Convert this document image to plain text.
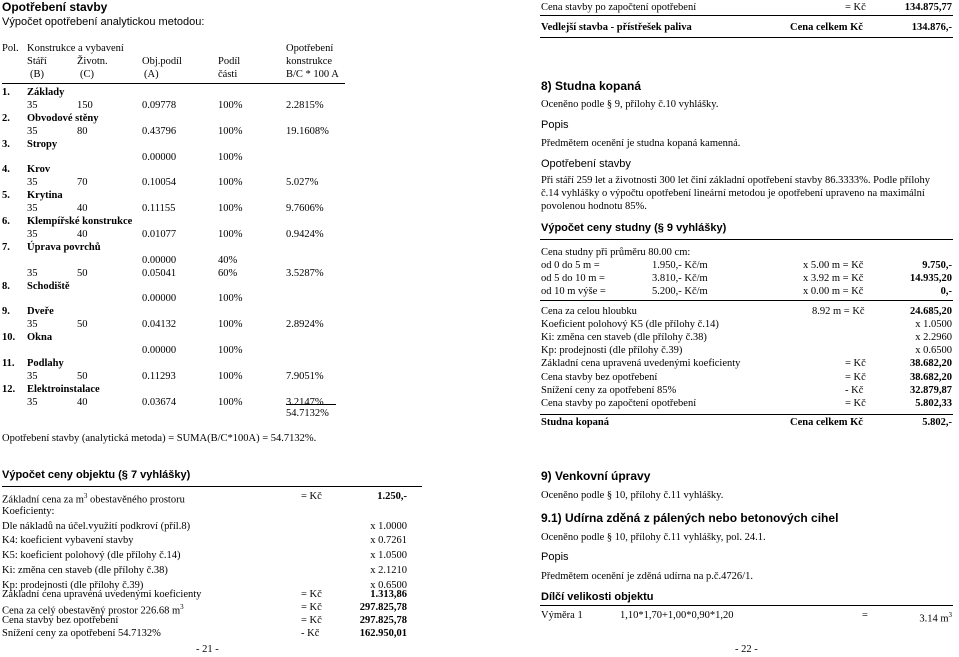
Opotřebení stavby
Výpočet opotřebení analytickou metodou:
Pol. Konstrukce a vybavení	Opotřebení
Stáří	Životn.	Obj.podíl	Podíl	konstrukce
(B)	(C)	(A)	části	B/C * 100 A
1. Základy
35	150	0.09778	100%	2.2815%
2. Obvodové stěny
35	80	0.43796	100%	19.1608%
3. Stropy
0.00000	100%
4. Krov
35	70	0.10054	100%	5.027%
5. Krytina
35	40	0.11155	100%	9.7606%
6. Klempířské konstrukce
35	40	0.01077	100%	0.9424%
7. Úprava povrchů
0.00000	40%
35	50	0.05041	60%	3.5287%
8. Schodiště
0.00000	100%
9. Dveře
35	50	0.04132	100%	2.8924%
10. Okna
0.00000	100%
11. Podlahy
35	50	0.11293	100%	7.9051%
12. Elektroinstalace
35	40	0.03674	100%	3.2147%
54.7132%
Opotřebení stavby (analytická metoda) = SUMA(B/C*100A) = 54.7132%.
Výpočet ceny objektu (§ 7 vyhlášky)
Základní cena za $m^3$ obestavěného prostoru	= Kč	1.250,-
Koeficienty:
Dle nákladů na účel.využití podkroví (příl.8)	x 1.0000
K4: koeficient vybavení stavby	x 0.7261
K5: koeficient polohový (dle přílohy č.14)	x 1.0500
Ki: změna cen staveb (dle přílohy č.38)	x 2.1210
Kp: prodejnosti (dle přílohy č.39)	x 0.6500
Základní cena upravená uvedenými koeficienty	= Kč	1.313,86
Cena za celý obestavěný prostor 226.68 $m^3$	= Kč	297.825,78
Cena stavby bez opotřebení	= Kč	297.825,78
Snížení ceny za opotřebení 54.7132%	- Kč	162.950,01
- 21 -
Cena stavby po započtení opotřebení	= Kč	134.875,77
Vedlejší stavba - přístřešek paliva	Cena celkem Kč	134.876,-
8) Studna kopaná
Oceněno podle § 9, přílohy č.10 vyhlášky.
Popis
Předmětem ocenění je studna kopaná kamenná.
Opotřebení stavby
Při stáří 259 let a životnosti 300 let činí základní opotřebení stavby 86.3333%. Podle přílohy
č.14 vyhlášky o výpočtu opotřebení lineární metodou je opotřebení upraveno na maximální
povolenou hodnotu 85%.
Výpočet ceny studny (§ 9 vyhlášky)
Cena studny při průměru 80.00 cm:
od 0 do 5 m =	1.950,- Kč/m	x 5.00 m = Kč	9.750,-
od 5 do 10 m =	3.810,- Kč/m	x 3.92 m = Kč	14.935,20
od 10 m výše =	5.200,- Kč/m	x 0.00 m = Kč	0,-
Cena za celou hloubku	8.92 m = Kč	24.685,20
Koeficient polohový K5 (dle přílohy č.14)	x 1.0500
Ki: změna cen staveb (dle přílohy č.38)	x 2.2960
Kp: prodejnosti (dle přílohy č.39)	x 0.6500
Základní cena upravená uvedenými koeficienty	= Kč	38.682,20
Cena stavby bez opotřebení	= Kč	38.682,20
Snížení ceny za opotřebení 85%	- Kč	32.879,87
Cena stavby po započtení opotřebení	= Kč	5.802,33
Studna kopaná	Cena celkem Kč	5.802,-
9) Venkovní úpravy
Oceněno podle § 10, přílohy č.11 vyhlášky.
9.1) Udírna zděná z pálených nebo betonových cihel
Oceněno podle § 10, přílohy č.11 vyhlášky, pol. 24.1.
Popis
Předmětem ocenění je zděná udírna na p.č.4726/1.
Dílčí velikosti objektu
Výměra 1	1,10*1,70+1,00*0,90*1,20	=	3.14 $m^3$
- 22 -
